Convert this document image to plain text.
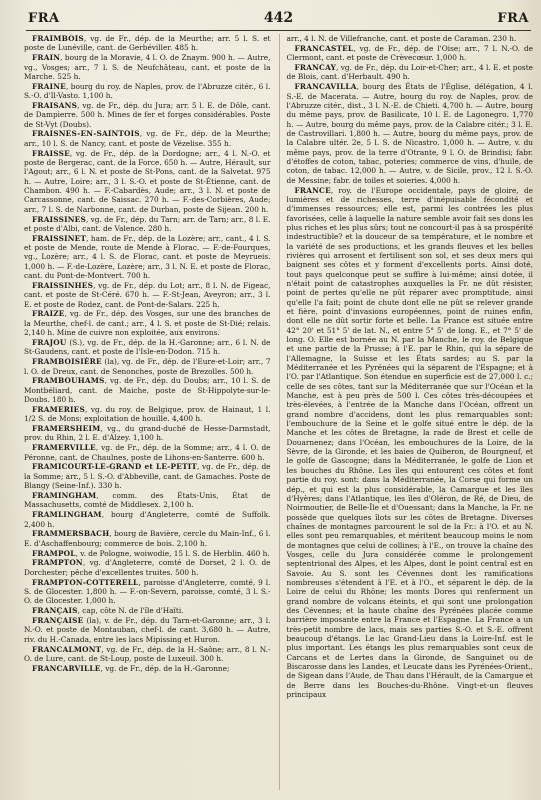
FRA	442	FRA

FRAIMBOIS, vg. de Fr., dép. de la Meurthe; arr. 5 l. S. et poste de Lunéville, cant. de Gerbéviller. 485 h.

FRAIN, bourg de la Moravie, 4 l. O. de Znaym. 900 h. — Autre, vg., Vosges; arr., 7 l. S. de Neufchâteau, cant. et poste de la Marche. 525 h.

FRAINE, bourg du roy. de Naples, prov. de l'Abruzze citér., 6 l. S.-O. d'Il-Vasto. 1,100 h.

FRAISANS, vg. de Fr., dép. du Jura; arr. 5 l. E. de Dôle, cant. de Dampierre. 500 h. Mines de fer et forges considérables. Poste de St-Vyt (Doubs).

FRAISNES-EN-SAINTOIS, vg. de Fr., dép. de la Meurthe; arr., 10 l. S. de Nancy, cant. et poste de Vézelise. 355 h.

FRAISSE, vg. de Fr., dép. de la Dordogne; arr., 4 l. N.-O. et poste de Bergerac, cant. de la Force. 650 h. — Autre, Hérault, sur l'Agout; arr., 6 l. N. et poste de St-Pons, cant. de la Salvetat. 975 h. — Autre, Loire; arr., 3 l. S.-O. et poste de St-Étienne, cant. de Chambon. 490 h. — F.-Cabardès, Aude; arr., 3 l. N. et poste de Carcassonne, cant. de Saissac. 270 h. — F.-des-Corbières, Aude; arr., 7 l. S. de Narbonne, cant. de Durban, poste de Sijean. 200 h.

FRAISSINES, vg. de Fr., dép. du Tarn; arr. de Tarn; arr., 8 l. E. et poste d'Albi, cant. de Valence. 280 h.

FRAISSINET, ham. de Fr., dép. de la Lozère; arr., cant., 4 l. S. et poste de Mende, route de Mende à Florac. — F.-de-Fourques, vg., Lozère; arr., 4 l. S. de Florac, cant. et poste de Meyrueis. 1,000 h. — F.-de-Lozère, Lozère; arr., 3 l. N. E. et poste de Florac, cant. du Pont-de-Montvert. 700 h.

FRAISSINHES, vg. de Fr., dép. du Lot; arr., 8 l. N. de Figeac, cant. et poste de St-Céré. 670 h. — F.-St-Jean, Aveyron; arr., 3 l. E. et poste de Rodez, cant. de Pont-de-Salars. 225 h.

FRAIZE, vg. de Fr., dép. des Vosges, sur une des branches de la Meurthe, chef-l. de cant.; arr., 4 l. S. et poste de St-Dié; relais. 2,140 h. Mine de cuivre non exploitée, aux environs.

FRAJOU (S.), vg. de Fr., dép. de la H.-Garonne; arr., 6 l. N. de St-Gaudens, cant. et poste de l'Isle-en-Dodon. 715 h.

FRAMBOISIÈRE (la), vg. de Fr., dép. de l'Eure-et-Loir; arr., 7 l. O. de Dreux, cant. de Senonches, poste de Brezolles. 500 h.

FRAMBOUHAMS, vg. de Fr., dép. du Doubs; arr., 10 l. S. de Montbéliard, cant. de Maiche, poste de St-Hippolyte-sur-le-Doubs. 180 h.

FRAMERIES, vg. du roy. de Belgique, prov. de Hainaut, 1 l. 1/2 S. de Mons; exploitation de houille. 4,400 h.

FRAMERSHEIM, vg., du grand-duché de Hesse-Darmstadt, prov. du Rhin, 2 l. E. d'Alzey. 1,100 h.

FRAMERVILLE, vg. de Fr., dép. de la Somme; arr., 4 l. O. de Péronne, cant. de Chaulnes, poste de Lihons-en-Santerre. 600 h.

FRAMICOURT-LE-GRAND et LE-PETIT, vg. de Fr., dép. de la Somme; arr., 5 l. S.-O. d'Abbeville, cant. de Gamaches. Poste de Blangy (Seine-Inf.). 330 h.

FRAMINGHAM, comm. des États-Unis, État de Massachusetts, comté de Middlesex. 2,100 h.

FRAMLINGHAM, bourg d'Angleterre, comté de Suffolk. 2,400 h.

FRAMMERSBACH, bourg de Bavière, cercle du Main-Inf., 6 l. E. d'Aschaffenbourg; commerce de bois. 2,100 h.

FRAMPOL, v. de Pologne, woiwodie, 15 l. S. de Herblin. 460 h.

FRAMPTON, vg. d'Angleterre, comté de Dorset, 2 l. O. de Dorchester; pêche d'excellentes truites. 500 h.

FRAMPTON-COTTERELL, paroisse d'Angleterre, comté, 9 l. S. de Glocester. 1,800 h. — F.-on-Severn, paroisse, comté, 3 l. S.-O. de Glocester. 1,000 h.

FRANÇAIS, cap, côte N. de l'île d'Haïti.

FRANÇAISE (la), v. de Fr., dép. du Tarn-et-Garonne; arr., 3 l. N.-O. et poste de Montauban, chef-l. de cant. 3,680 h. — Autre, riv. du H.-Canada, entre les lacs Mipissing et Huron.

FRANCALMONT, vg. de Fr., dép. de la H.-Saône; arr., 8 l. N.-O. de Lure, cant. de St-Loup, poste de Luxeuil. 300 h.

FRANCARVILLE, vg. de Fr., dép. de la H.-Garonne;

arr., 4 l. N. de Villefranche, cant. et poste de Caraman. 230 h.

FRANCASTEL, vg. de Fr., dép. de l'Oise; arr., 7 l. N.-O. de Clermont, cant. et poste de Crèvecœur. 1,000 h.

FRANCAY, vg. de Fr., dép. du Loir-et-Cher; arr., 4 l. E. et poste de Blois, cant. d'Herbault. 490 h.

FRANCAVILLA, bourg des États de l'Église, délégation, 4 l. S.-E. de Macerata. — Autre, bourg du roy. de Naples, prov. de l'Abruzze citér., dist., 3 l. N.-E. de Chieti. 4,700 h. — Autre, bourg du même pays, prov. de Basilicate, 10 l. E. de Lagonegro. 1,770 h. — Autre, bourg du même pays, prov. de la Calabre citér.; 3 l. E. de Castrovillari. 1,800 h. — Autre, bourg du même pays, prov. de la Calabre ultér. 2e, 5 l. S. de Nicastro. 1,000 h. — Autre, v. du même pays, prov. de la terre d'Otrante, 9 l. O. de Brindisi; fabr. d'étoffes de coton, tabac, poteries; commerce de vins, d'huile, de coton, de tabac. 12,000 h. — Autre, v. de Sicile, prov., 12 l. S.-O. de Messine; fabr. de toiles et soieries. 4,000 h.

FRANCE, roy. de l'Europe occidentale, pays de gloire, de lumières et de richesses, terre d'inépuisable fécondité et d'immenses ressources; elle est, parmi les contrées les plus favorisées, celle à laquelle la nature semble avoir fait ses dons les plus riches et les plus sûrs; tout ne concourt-il pas à sa prospérité indestructible? et la douceur de sa température, et le nombre et la variété de ses productions, et les grands fleuves et les belles rivières qui arrosent et fertilisent son sol, et ses deux mers qui baignent ses côtes et y forment d'excellents ports. Ainsi doté, tout pays quelconque peut se suffire à lui-même; ainsi dotée, il n'était point de catastrophes auxquelles la Fr. ne dût résister, point de pertes qu'elle ne pût réparer avec promptitude, ainsi qu'elle l'a fait; point de chute dont elle ne pût se relever grande et fière, point d'invasions européennes, point de ruines enfin, dont elle ne dût sortir forte et belle. La France est située entre 42° 20' et 51° 5' de lat. N., et entre 5° 5' de long. E., et 7° 5' de long. O. Elle est bornée au N. par la Manche, le roy. de Belgique et une partie de la Prusse; à l'E. par le Rhin, qui la sépare de l'Allemagne, la Suisse et les États sardes; au S. par la Méditerranée et les Pyrénées qui la séparent de l'Espagne; et à l'O. par l'Atlantique. Son étendue en superficie est de 27,000 l. c.; celle de ses côtes, tant sur la Méditerranée que sur l'Océan et la Manche, est à peu près de 500 l. Ces côtes très-découpées et très-élevées, à l'entrée de la Manche dans l'Océan, offrent un grand nombre d'accidens, dont les plus remarquables sont: l'embouchure de la Seine et le golfe situé entre le dép. de la Manche et les côtes de Bretagne, la rade de Brest et celle de Douarnenez; dans l'Océan, les embouchures de la Loire, de la Sèvre, de la Gironde, et les baies de Quiberon, de Bourgneuf, et le golfe de Gascogne; dans la Méditerranée, le golfe de Lion et les bouches du Rhône. Les îles qui entourent ces côtes et font partie du roy. sont: dans la Méditerranée, la Corse qui forme un dép., et qui est la plus considérable, la Camargue et les îles d'Hyères; dans l'Atlantique, les îles d'Oléron, de Ré, de Dieu, de Noirmoutier, de Belle-Île et d'Ouessant; dans la Manche, la Fr. ne possède que quelques îlots sur les côtes de Bretagne. Diverses chaînes de montagnes parcourent le sol de la Fr.: à l'O. et au N. elles sont peu remarquables, et méritent beaucoup moins le nom de montagnes que celui de collines; à l'E., on trouve la chaîne des Vosges, celle du Jura considérée comme le prolongement septentrional des Alpes, et les Alpes, dont le point central est en Savoie. Au S. sont les Cévennes dont les ramifications nombreuses s'étendent à l'E. et à l'O., et séparent le dép. de la Loire de celui du Rhône; les monts Dores qui renferment un grand nombre de volcans éteints, et qui sont une prolongation des Cévennes; et la haute chaîne des Pyrénées placée comme barrière imposante entre la France et l'Espagne. La France a un très-petit nombre de lacs, mais ses parties S.-O. et S.-E. offrent beaucoup d'étangs. Le lac Grand-Lieu dans la Loire-Inf. est le plus important. Les étangs les plus remarquables sont ceux de Carcans et de Lertes dans la Gironde, de Sanguinet ou de Biscarosse dans les Landes, et Leucate dans les Pyrénées-Orient., de Sigean dans l'Aude, de Thau dans l'Hérault, de la Camargue et de Berre dans les Bouches-du-Rhône. Vingt-et-un fleuves principaux
